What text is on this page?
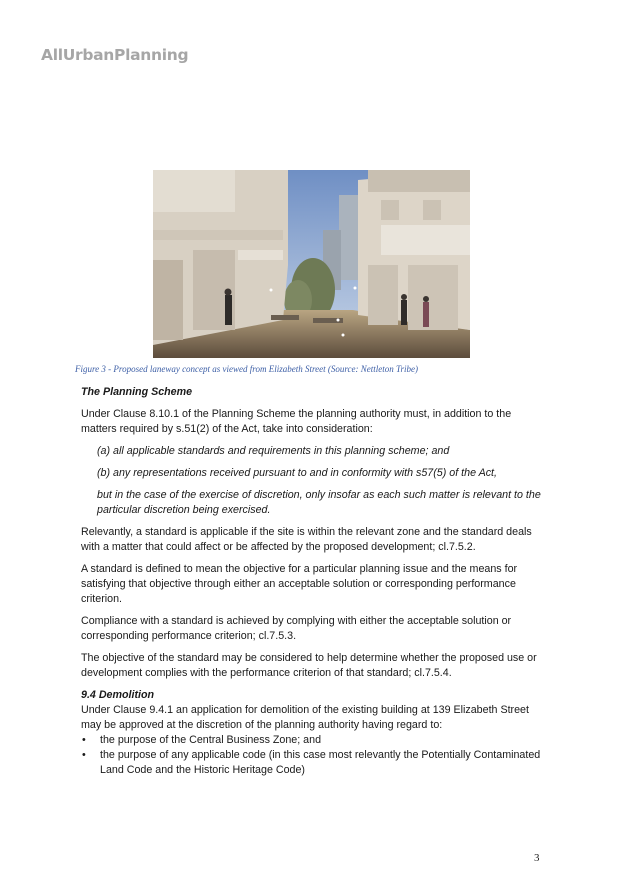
AllUrbanPlanning
Figure 3 - Proposed laneway concept as viewed from Elizabeth Street (Source: Nettleton Tribe)

The Planning Scheme

Under Clause 8.10.1 of the Planning Scheme the planning authority must, in addition to the matters required by s.51(2) of the Act, take into consideration:

(a) all applicable standards and requirements in this planning scheme; and

(b) any representations received pursuant to and in conformity with s57(5) of the Act,

but in the case of the exercise of discretion, only insofar as each such matter is relevant to the particular discretion being exercised.

Relevantly, a standard is applicable if the site is within the relevant zone and the standard deals with a matter that could affect or be affected by the proposed development; cl.7.5.2.

A standard is defined to mean the objective for a particular planning issue and the means for satisfying that objective through either an acceptable solution or corresponding performance criterion.

Compliance with a standard is achieved by complying with either the acceptable solution or corresponding performance criterion; cl.7.5.3.

The objective of the standard may be considered to help determine whether the proposed use or development complies with the performance criterion of that standard; cl.7.5.4.

9.4 Demolition

Under Clause 9.4.1 an application for demolition of the existing building at 139 Elizabeth Street may be approved at the discretion of the planning authority having regard to:

• the purpose of the Central Business Zone; and
• the purpose of any applicable code (in this case most relevantly the Potentially Contaminated Land Code and the Historic Heritage Code)
3
